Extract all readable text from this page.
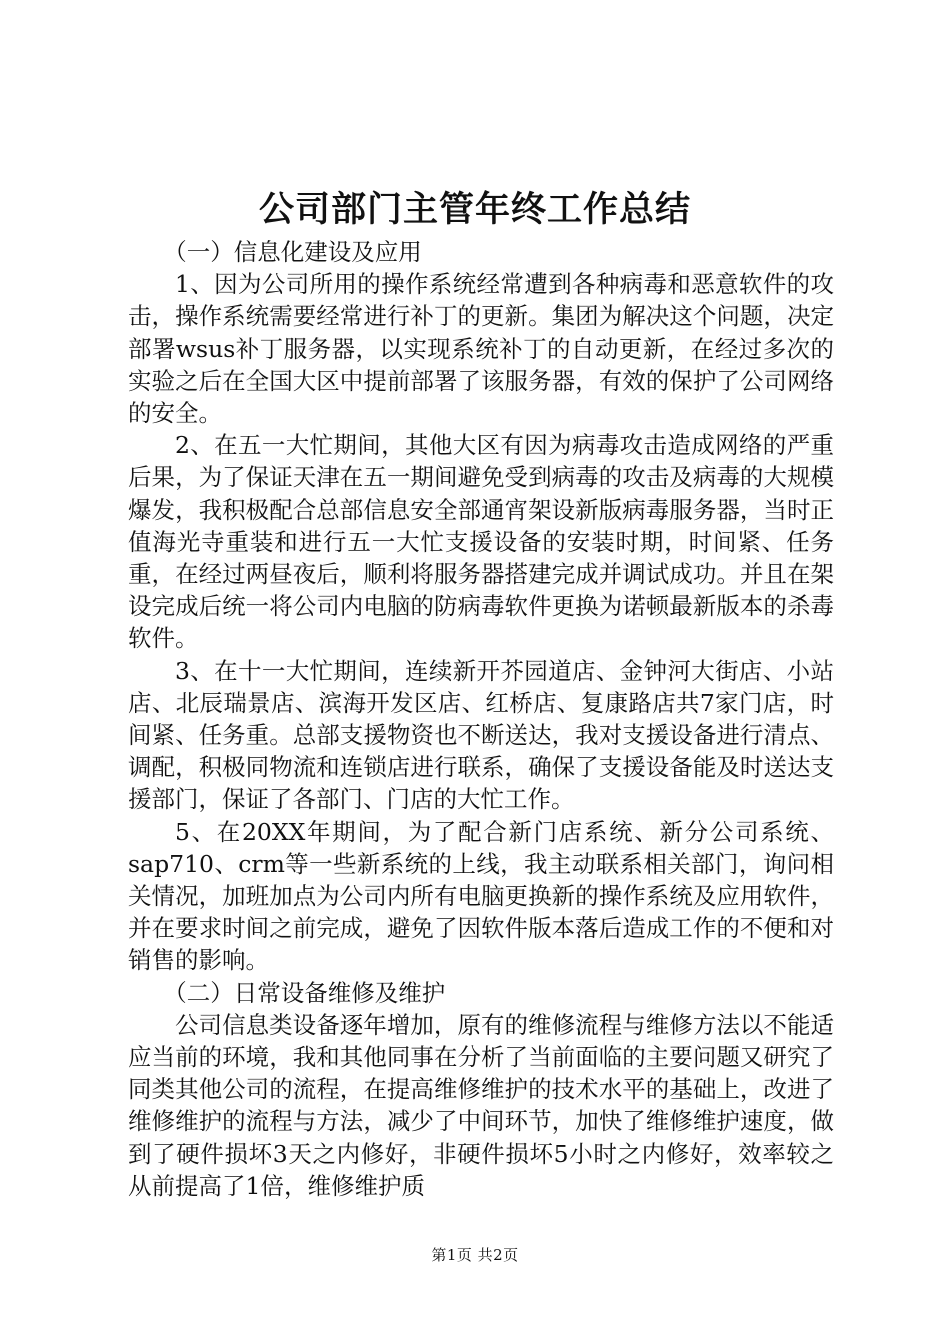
公司部门主管年终工作总结

（一）信息化建设及应用

1、因为公司所用的操作系统经常遭到各种病毒和恶意软件的攻击，操作系统需要经常进行补丁的更新。集团为解决这个问题，决定部署wsus补丁服务器，以实现系统补丁的自动更新，在经过多次的实验之后在全国大区中提前部署了该服务器，有效的保护了公司网络的安全。

2、在五一大忙期间，其他大区有因为病毒攻击造成网络的严重后果，为了保证天津在五一期间避免受到病毒的攻击及病毒的大规模爆发，我积极配合总部信息安全部通宵架设新版病毒服务器，当时正值海光寺重装和进行五一大忙支援设备的安装时期，时间紧、任务重，在经过两昼夜后，顺利将服务器搭建完成并调试成功。并且在架设完成后统一将公司内电脑的防病毒软件更换为诺顿最新版本的杀毒软件。

3、在十一大忙期间，连续新开芥园道店、金钟河大街店、小站店、北辰瑞景店、滨海开发区店、红桥店、复康路店共7家门店，时间紧、任务重。总部支援物资也不断送达，我对支援设备进行清点、调配，积极同物流和连锁店进行联系，确保了支援设备能及时送达支援部门，保证了各部门、门店的大忙工作。

5、在20XX年期间，为了配合新门店系统、新分公司系统、sap710、crm等一些新系统的上线，我主动联系相关部门，询问相关情况，加班加点为公司内所有电脑更换新的操作系统及应用软件，并在要求时间之前完成，避免了因软件版本落后造成工作的不便和对销售的影响。

（二）日常设备维修及维护

公司信息类设备逐年增加，原有的维修流程与维修方法以不能适应当前的环境，我和其他同事在分析了当前面临的主要问题又研究了同类其他公司的流程，在提高维修维护的技术水平的基础上，改进了维修维护的流程与方法，减少了中间环节，加快了维修维护速度，做到了硬件损坏3天之内修好，非硬件损坏5小时之内修好，效率较之从前提高了1倍，维修维护质

第1页 共2页
